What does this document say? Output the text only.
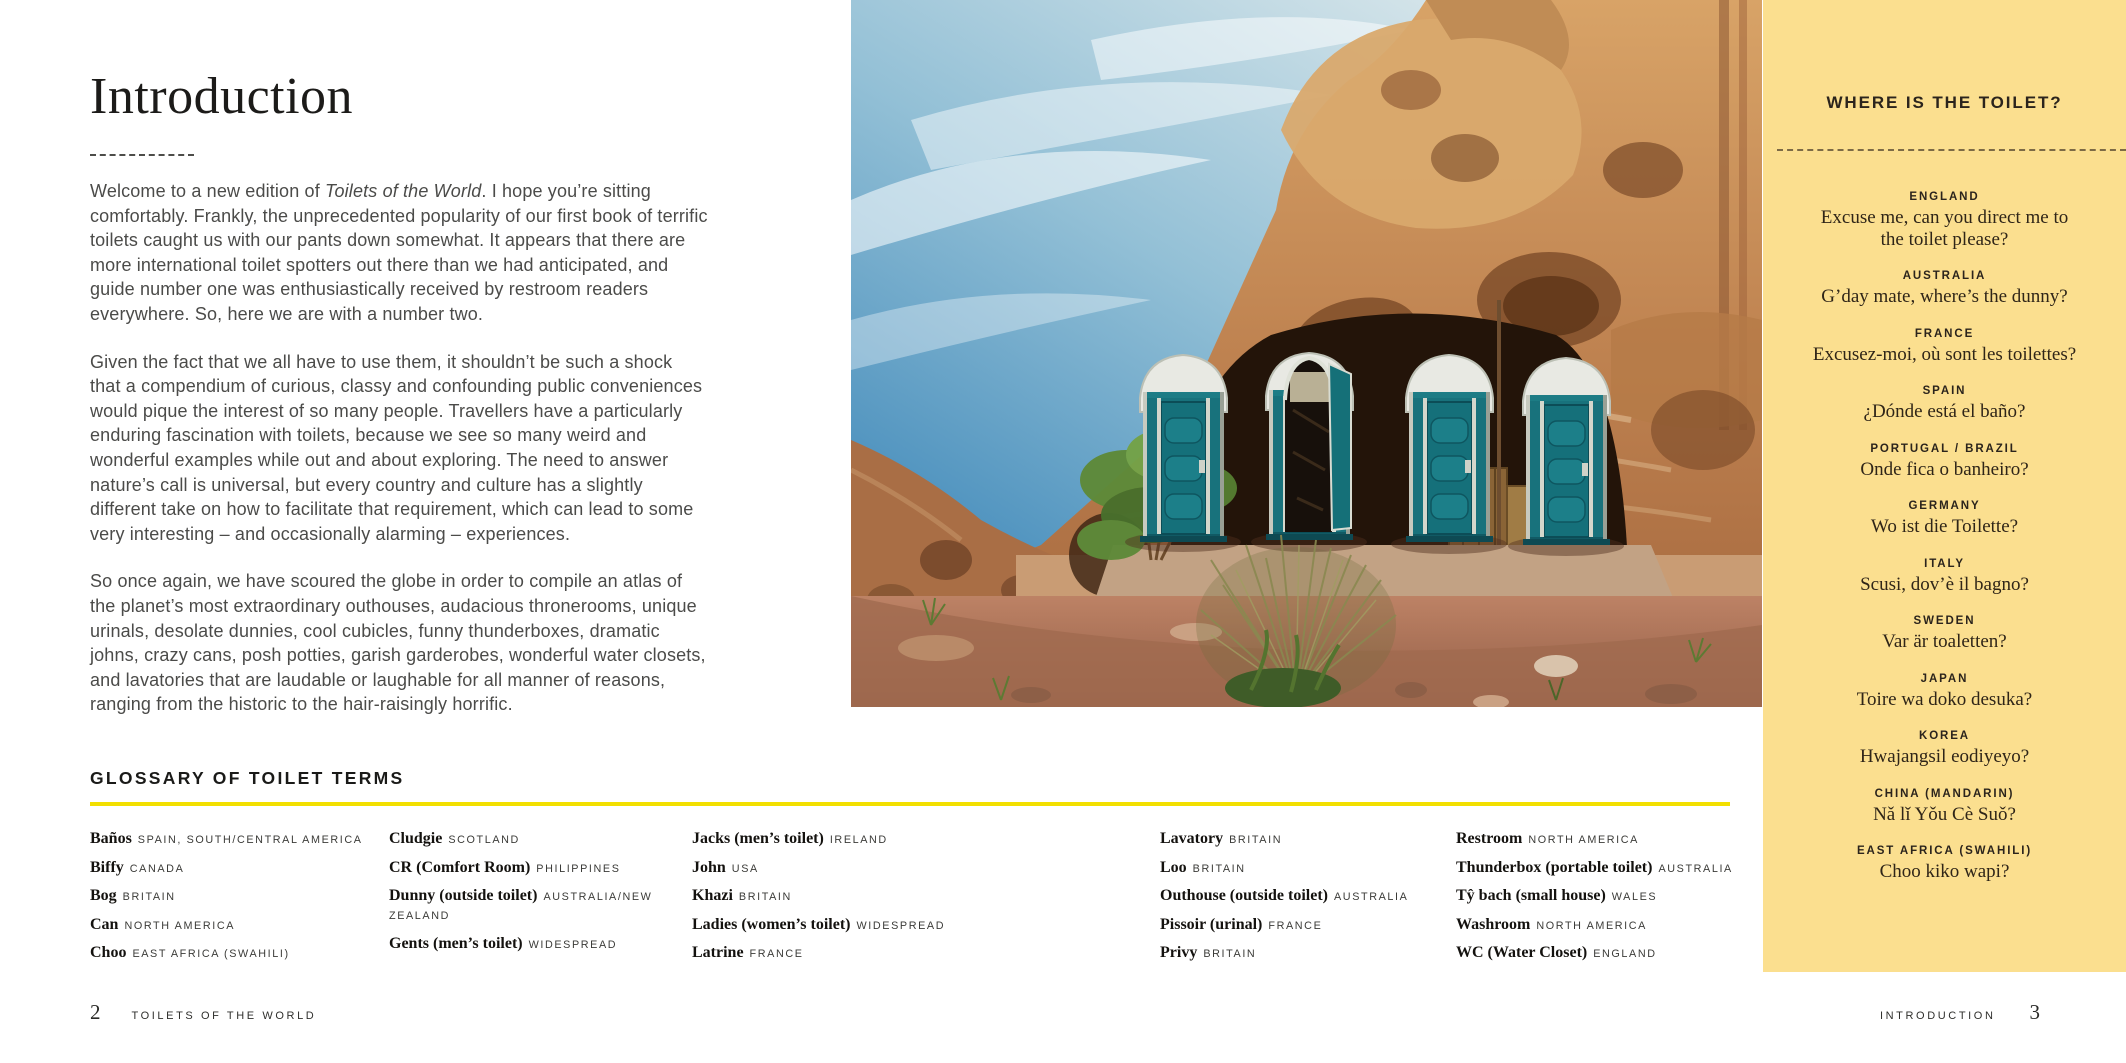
Introduction

Welcome to a new edition of Toilets of the World. I hope you’re sitting comfortably. Frankly, the unprecedented popularity of our first book of terrific toilets caught us with our pants down somewhat. It appears that there are more international toilet spotters out there than we had anticipated, and guide number one was enthusiastically received by restroom readers everywhere. So, here we are with a number two.

Given the fact that we all have to use them, it shouldn’t be such a shock that a compendium of curious, classy and confounding public conveniences would pique the interest of so many people. Travellers have a particularly enduring fascination with toilets, because we see so many weird and wonderful examples while out and about exploring. The need to answer nature’s call is universal, but every country and culture has a slightly different take on how to facilitate that requirement, which can lead to some very interesting – and occasionally alarming – experiences.

So once again, we have scoured the globe in order to compile an atlas of the planet’s most extraordinary outhouses, audacious thronerooms, unique urinals, desolate dunnies, cool cubicles, funny thunderboxes, dramatic johns, crazy cans, posh potties, garish garderobes, wonderful water closets, and lavatories that are laudable or laughable for all manner of reasons, ranging from the historic to the hair-raisingly horrific.

WHERE IS THE TOILET?
ENGLAND
Excuse me, can you direct me to the toilet please?
AUSTRALIA
G’day mate, where’s the dunny?
FRANCE
Excusez-moi, où sont les toilettes?
SPAIN
¿Dónde está el baño?
PORTUGAL / BRAZIL
Onde fica o banheiro?
GERMANY
Wo ist die Toilette?
ITALY
Scusi, dov’è il bagno?
SWEDEN
Var är toaletten?
JAPAN
Toire wa doko desuka?
KOREA
Hwajangsil eodiyeyo?
CHINA (MANDARIN)
Nǎ lǐ Yǒu Cè Suǒ?
EAST AFRICA (SWAHILI)
Choo kiko wapi?
GLOSSARY OF TOILET TERMS
Baños SPAIN, SOUTH/CENTRAL AMERICA
Biffy CANADA
Bog BRITAIN
Can NORTH AMERICA
Choo EAST AFRICA (SWAHILI)
Cludgie SCOTLAND
CR (Comfort Room) PHILIPPINES
Dunny (outside toilet) AUSTRALIA/NEW ZEALAND
Gents (men’s toilet) WIDESPREAD
Jacks (men’s toilet) IRELAND
John USA
Khazi BRITAIN
Ladies (women’s toilet) WIDESPREAD
Latrine FRANCE
Lavatory BRITAIN
Loo BRITAIN
Outhouse (outside toilet) AUSTRALIA
Pissoir (urinal) FRANCE
Privy BRITAIN
Restroom NORTH AMERICA
Thunderbox (portable toilet) AUSTRALIA
Tŷ bach (small house) WALES
Washroom NORTH AMERICA
WC (Water Closet) ENGLAND
2	TOILETS OF THE WORLD	INTRODUCTION 3
